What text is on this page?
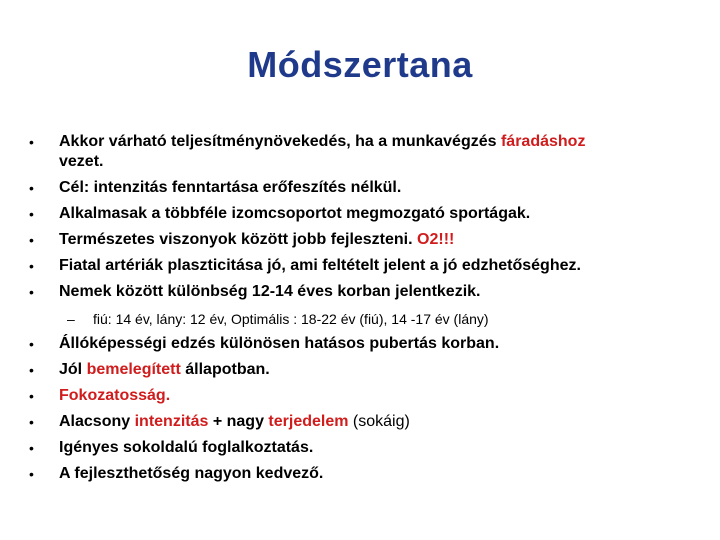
Módszertana
• Akkor várható teljesítménynövekedés, ha a munkavégzés fáradáshoz
vezet.
• Cél: intenzitás fenntartása erőfeszítés nélkül.
• Alkalmasak a többféle izomcsoportot megmozgató sportágak.
• Természetes viszonyok között jobb fejleszteni. O2!!!
• Fiatal artériák plaszticitása jó, ami feltételt jelent a jó edzhetőséghez.
• Nemek között különbség 12-14 éves korban jelentkezik.
– fiú: 14 év, lány: 12 év, Optimális : 18-22 év (fiú), 14 -17 év (lány)
• Állóképességi edzés különösen hatásos pubertás korban.
• Jól bemelegített állapotban.
• Fokozatosság.
• Alacsony intenzitás + nagy terjedelem (sokáig)
• Igényes sokoldalú foglalkoztatás.
• A fejleszthetőség nagyon kedvező.
